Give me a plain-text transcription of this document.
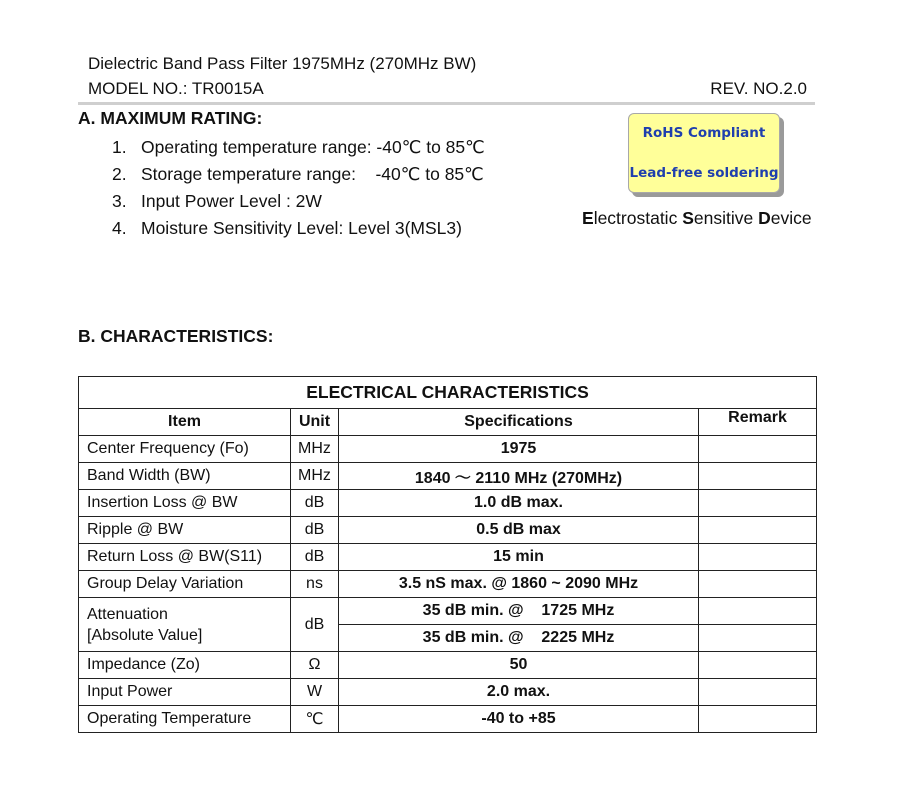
Dielectric Band Pass Filter 1975MHz (270MHz BW)
MODEL NO.: TR0015A	REV. NO.2.0
A. MAXIMUM RATING:
1. Operating temperature range: -40℃ to 85℃
2. Storage temperature range:    -40℃ to 85℃
3. Input Power Level : 2W
4. Moisture Sensitivity Level: Level 3(MSL3)
RoHS Compliant
Lead-free soldering
Electrostatic Sensitive Device
B. CHARACTERISTICS:
ELECTRICAL CHARACTERISTICS			
Item	Unit	Specifications	Remark
Center Frequency (Fo)	MHz	1975	
Band Width (BW)	MHz	1840 ～ 2110 MHz (270MHz)	
Insertion Loss @ BW	dB	1.0 dB max.	
Ripple @ BW	dB	0.5 dB max	
Return Loss @ BW(S11)	dB	15 min	
Group Delay Variation	ns	3.5 nS max. @ 1860 ~ 2090 MHz	
Attenuation
[Absolute Value]	dB	35 dB min. @    1725 MHz	
		35 dB min. @    2225 MHz	
Impedance (Zo)	Ω	50	
Input Power	W	2.0 max.	
Operating Temperature	℃	-40 to +85	
